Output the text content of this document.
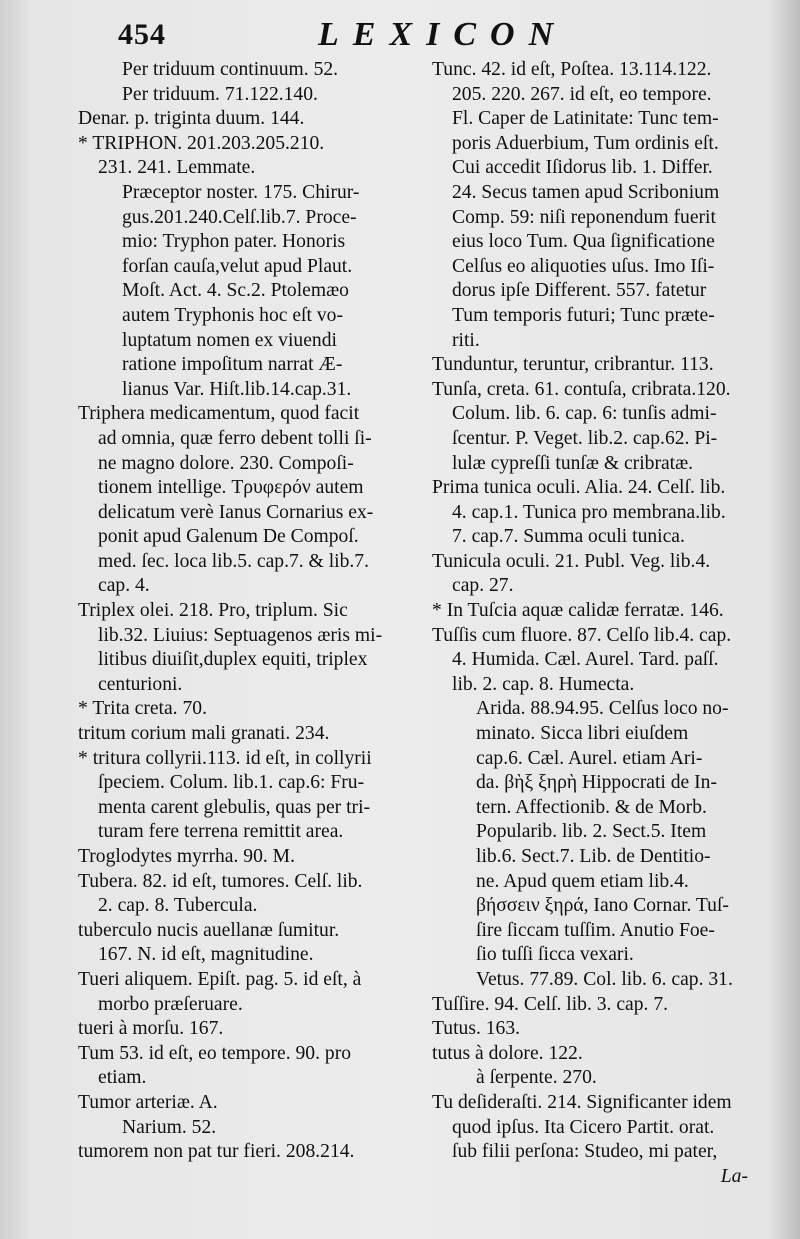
454	LEXICON

Per triduum continuum. 52.

Per triduum. 71.122.140.

Denar. p. triginta duum. 144.

* TRIPHON. 201.203.205.210.

231. 241. Lemmate.

Præceptor noster. 175. Chirur-

gus.201.240.Celſ.lib.7. Proce-

mio: Tryphon pater. Honoris

forſan cauſa,velut apud Plaut.

Moſt. Act. 4. Sc.2. Ptolemæo

autem Tryphonis hoc eſt vo-

luptatum nomen ex viuendi

ratione impoſitum narrat Æ-

lianus Var. Hiſt.lib.14.cap.31.

Triphera medicamentum, quod facit

ad omnia, quæ ferro debent tolli ſi-

ne magno dolore. 230. Compoſi-

tionem intellige. Τρυφερόν autem

delicatum verè Ianus Cornarius ex-

ponit apud Galenum De Compoſ.

med. ſec. loca lib.5. cap.7. & lib.7.

cap. 4.

Triplex olei. 218. Pro, triplum. Sic

lib.32. Liuius: Septuagenos æris mi-

litibus diuiſit,duplex equiti, triplex

centurioni.

* Trita creta. 70.

tritum corium mali granati. 234.

* tritura collyrii.113. id eſt, in collyrii

ſpeciem. Colum. lib.1. cap.6: Fru-

menta carent glebulis, quas per tri-

turam fere terrena remittit area.

Troglodytes myrrha. 90. M.

Tubera. 82. id eſt, tumores. Celſ. lib.

2. cap. 8. Tubercula.

tuberculo nucis auellanæ ſumitur.

167. N. id eſt, magnitudine.

Tueri aliquem. Epiſt. pag. 5. id eſt, à

morbo præſeruare.

tueri à morſu. 167.

Tum 53. id eſt, eo tempore. 90. pro

etiam.

Tumor arteriæ. A.

Narium. 52.

tumorem non pat tur fieri. 208.214.

Tunc. 42. id eſt, Poſtea. 13.114.122.

205. 220. 267. id eſt, eo tempore.

Fl. Caper de Latinitate: Tunc tem-

poris Aduerbium, Tum ordinis eſt.

Cui accedit Iſidorus lib. 1. Differ.

24. Secus tamen apud Scribonium

Comp. 59: niſi reponendum fuerit

eius loco Tum. Qua ſignificatione

Celſus eo aliquoties uſus. Imo Iſi-

dorus ipſe Different. 557. fatetur

Tum temporis futuri; Tunc præte-

riti.

Tunduntur, teruntur, cribrantur. 113.

Tunſa, creta. 61. contuſa, cribrata.120.

Colum. lib. 6. cap. 6: tunſis admi-

ſcentur. P. Veget. lib.2. cap.62. Pi-

lulæ cypreſſi tunſæ & cribratæ.

Prima tunica oculi. Alia. 24. Celſ. lib.

4. cap.1. Tunica pro membrana.lib.

7. cap.7. Summa oculi tunica.

Tunicula oculi. 21. Publ. Veg. lib.4.

cap. 27.

* In Tuſcia aquæ calidæ ferratæ. 146.

Tuſſis cum fluore. 87. Celſo lib.4. cap.

4. Humida. Cæl. Aurel. Tard. paſſ.

lib. 2. cap. 8. Humecta.

Arida. 88.94.95. Celſus loco no-

minato. Sicca libri eiuſdem

cap.6. Cæl. Aurel. etiam Ari-

da. βὴξ ξηρὴ Hippocrati de In-

tern. Affectionib. & de Morb.

Popularib. lib. 2. Sect.5. Item

lib.6. Sect.7. Lib. de Dentitio-

ne. Apud quem etiam lib.4.

βήσσειν ξηρά, Iano Cornar. Tuſ-

ſire ſiccam tuſſim. Anutio Foe-

ſio tuſſi ſicca vexari.

Vetus. 77.89. Col. lib. 6. cap. 31.

Tuſſire. 94. Celſ. lib. 3. cap. 7.

Tutus. 163.

tutus à dolore. 122.

à ſerpente. 270.

Tu deſideraſti. 214. Significanter idem

quod ipſus. Ita Cicero Partit. orat.

ſub filii perſona: Studeo, mi pater,

La-
